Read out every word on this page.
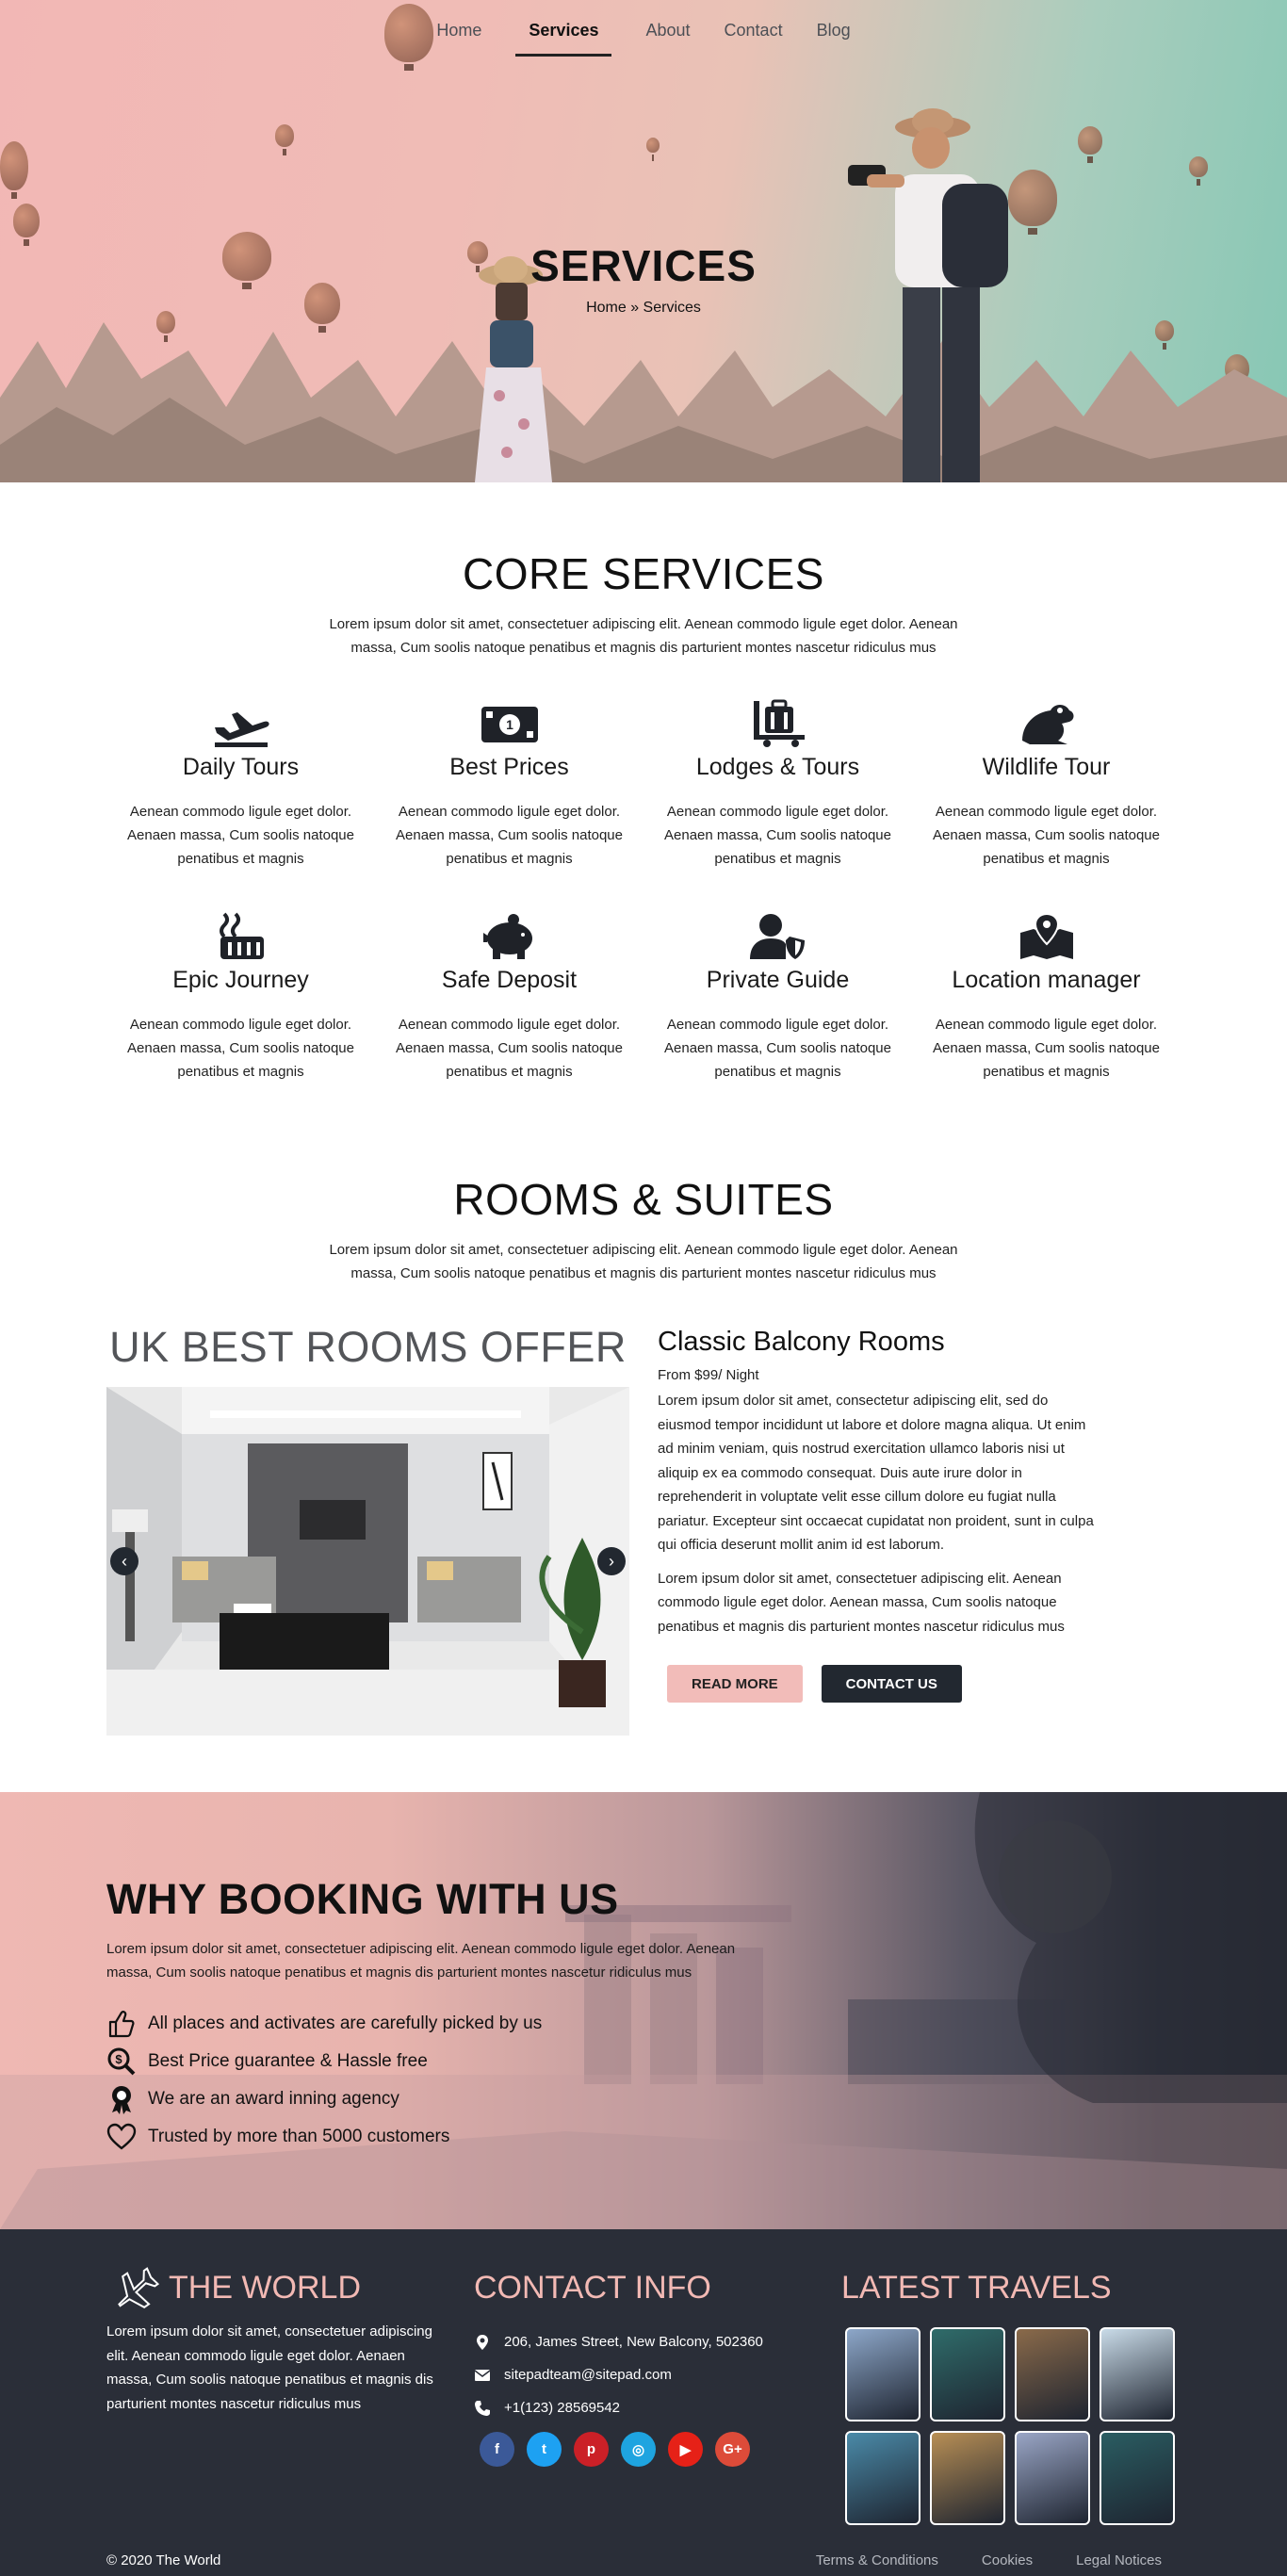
Home	Services	About Contact Blog
SERVICES
Home » Services
CORE SERVICES

Lorem ipsum dolor sit amet, consectetuer adipiscing elit. Aenean commodo ligule eget dolor. Aenean massa, Cum soolis natoque penatibus et magnis dis parturient montes nascetur ridiculus mus

Daily Tours

Aenean commodo ligule eget dolor. Aenaen massa, Cum soolis natoque penatibus et magnis

1
Best Prices

Aenean commodo ligule eget dolor. Aenaen massa, Cum soolis natoque penatibus et magnis

Lodges & Tours

Aenean commodo ligule eget dolor. Aenaen massa, Cum soolis natoque penatibus et magnis

Wildlife Tour

Aenean commodo ligule eget dolor. Aenaen massa, Cum soolis natoque penatibus et magnis

Epic Journey

Aenean commodo ligule eget dolor. Aenaen massa, Cum soolis natoque penatibus et magnis

Safe Deposit

Aenean commodo ligule eget dolor. Aenaen massa, Cum soolis natoque penatibus et magnis

Private Guide

Aenean commodo ligule eget dolor. Aenaen massa, Cum soolis natoque penatibus et magnis

Location manager

Aenean commodo ligule eget dolor. Aenaen massa, Cum soolis natoque penatibus et magnis

ROOMS & SUITES

Lorem ipsum dolor sit amet, consectetuer adipiscing elit. Aenean commodo ligule eget dolor. Aenean massa, Cum soolis natoque penatibus et magnis dis parturient montes nascetur ridiculus mus

UK BEST ROOMS OFFER
‹	›
Classic Balcony Rooms
From $99/ Night

Lorem ipsum dolor sit amet, consectetur adipiscing elit, sed do eiusmod tempor incididunt ut labore et dolore magna aliqua. Ut enim ad minim veniam, quis nostrud exercitation ullamco laboris nisi ut aliquip ex ea commodo consequat. Duis aute irure dolor in reprehenderit in voluptate velit esse cillum dolore eu fugiat nulla pariatur. Excepteur sint occaecat cupidatat non proident, sunt in culpa qui officia deserunt mollit anim id est laborum.

Lorem ipsum dolor sit amet, consectetuer adipiscing elit. Aenean commodo ligule eget dolor. Aenean massa, Cum soolis natoque penatibus et magnis dis parturient montes nascetur ridiculus mus

READ MORE	CONTACT US
WHY BOOKING WITH US

Lorem ipsum dolor sit amet, consectetuer adipiscing elit. Aenean commodo ligule eget dolor. Aenean massa, Cum soolis natoque penatibus et magnis dis parturient montes nascetur ridiculus mus

All places and activates are carefully picked by us
$ Best Price guarantee & Hassle free
We are an award inning agency
Trusted by more than 5000 customers
THE WORLD

Lorem ipsum dolor sit amet, consectetuer adipiscing elit. Aenean commodo ligule eget dolor. Aenaen massa, Cum soolis natoque penatibus et magnis dis parturient montes nascetur ridiculus mus

CONTACT INFO
206, James Street, New Balcony, 502360
sitepadteam@sitepad.com
+1(123) 28569542
f	t	p	◎	▶	G+
LATEST TRAVELS
© 2020 The World	Terms & Conditions	Cookies	Legal Notices
